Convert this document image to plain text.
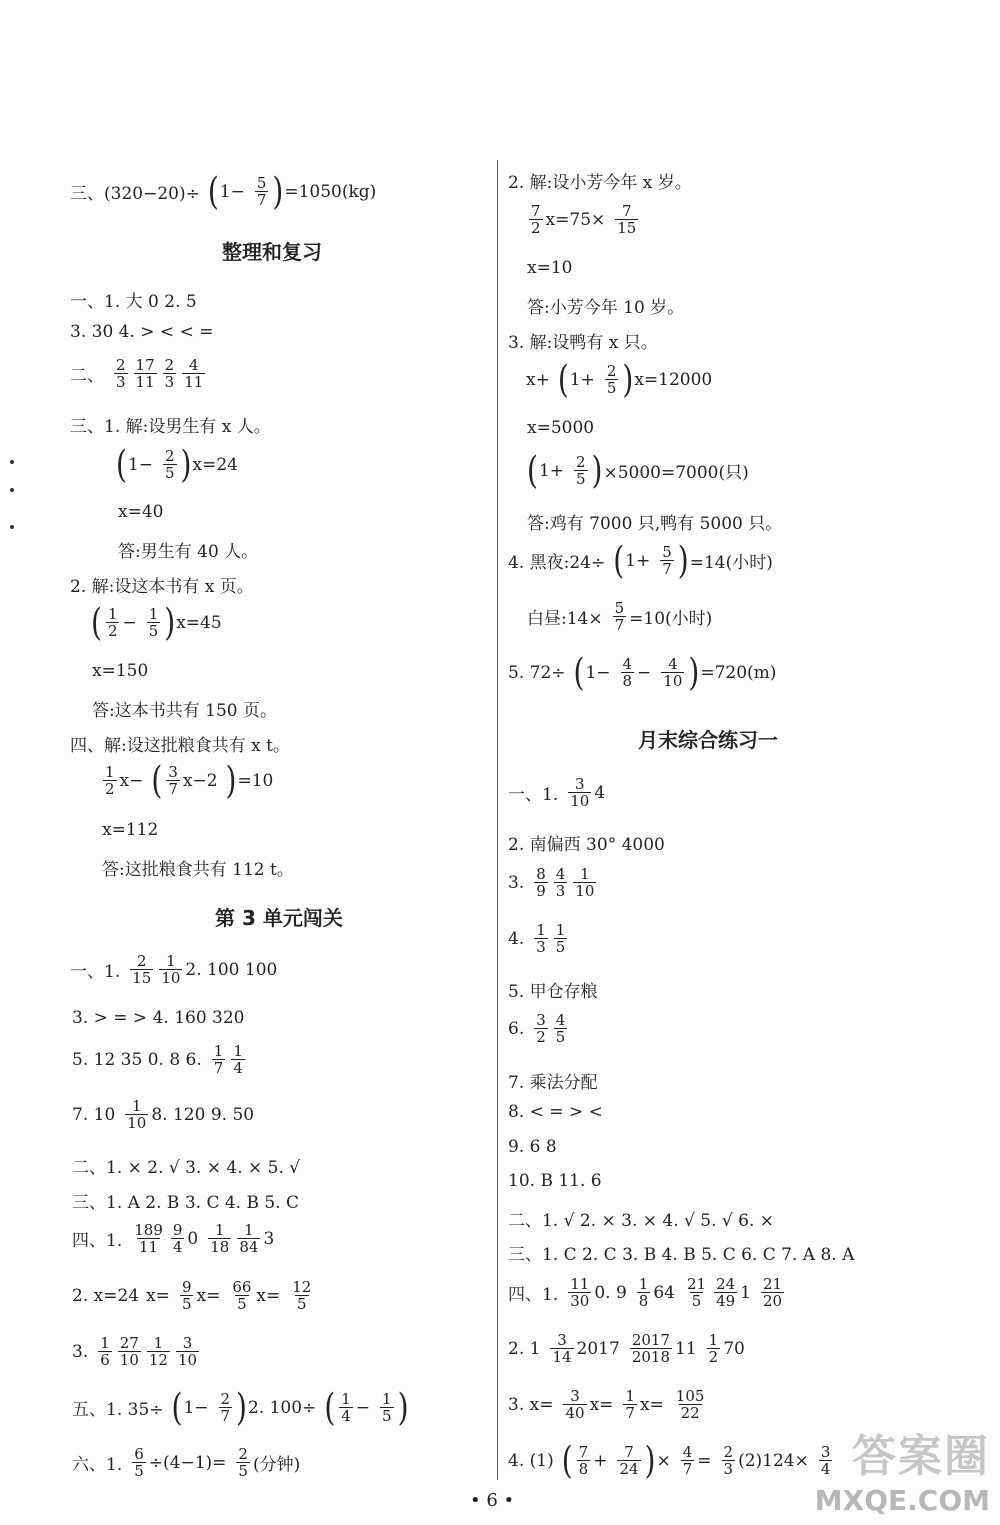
三、(320−20)÷ ( $1- \frac{5}{7}$ ) =1050(kg)
整理和复习
一、1. 大 0 2. 5
3. 30 4. > < < =
二、 $\frac{2}{3} \frac{17}{11} \frac{2}{3} \frac{4}{11}$
三、1. 解:设男生有 x 人。
( $1- \frac{2}{5}$ ) x=24
x=40
答:男生有 40 人。
2. 解:设这本书有 x 页。
( $\frac{1}{2} - \frac{1}{5}$ ) x=45
x=150
答:这本书共有 150 页。
四、解:设这批粮食共有 x t。
$\frac{1}{2} x-$ ( $\frac{3}{7} x-2$ ) =10
x=112
答:这批粮食共有 112 t。
第 3 单元闯关
一、1. $\frac{2}{15} \frac{1}{10} 2$. 100 100
3. > = > 4. 160 320
5. 12 35 0. 8 6. $\frac{1}{7} \frac{1}{4}$
7. $10 \frac{1}{10} 8$. 120 9. 50
二、1. × 2. √ 3. × 4. × 5. √
三、1. A 2. B 3. C 4. B 5. C
四、1. $\frac{189}{11} \frac{9}{4} 0 \frac{1}{18} \frac{1}{84} 3$
2. x=24 $x= \frac{9}{5} x= \frac{66}{5} x= \frac{12}{5}$
3. $\frac{1}{6} \frac{27}{10} \frac{1}{12} \frac{3}{10}$
五、1. 35÷ ( $1- \frac{2}{7}$ ) 2. 100÷ ( $\frac{1}{4} - \frac{1}{5}$ )
六、1. $\frac{6}{5} \div(4-1)= \frac{2}{5}$ (分钟)
2. 解:设小芳今年 x 岁。
$\frac{7}{2} x=75\times \frac{7}{15}$
x=10
答:小芳今年 10 岁。
3. 解:设鸭有 x 只。
x+ ( $1+ \frac{2}{5}$ ) x=12000
x=5000
( $1+ \frac{2}{5}$ ) ×5000=7000(只)
答:鸡有 7000 只,鸭有 5000 只。
4. 黑夜:24÷ ( $1+ \frac{5}{7}$ ) =14(小时)
白昼:14× $\frac{5}{7} =10$(小时)
5. 72÷ ( $1- \frac{4}{8} - \frac{4}{10}$ ) =720(m)
月末综合练习一
一、1. $\frac{3}{10} 4$
2. 南偏西 30° 4000
3. $\frac{8}{9} \frac{4}{3} \frac{1}{10}$
4. $\frac{1}{3} \frac{1}{5}$
5. 甲仓存粮
6. $\frac{3}{2} \frac{4}{5}$
7. 乘法分配
8. < = > <
9. 6 8
10. B 11. 6
二、1. √ 2. × 3. × 4. √ 5. √ 6. ×
三、1. C 2. C 3. B 4. B 5. C 6. C 7. A 8. A
四、1. $\frac{11}{30} 0$. $9 \frac{1}{8} 64 \frac{21}{5} \frac{24}{49} 1 \frac{21}{20}$
2. $1 \frac{3}{14} 2017 \frac{2017}{2018} 11 \frac{1}{2} 70$
3. $x= \frac{3}{40} x= \frac{1}{7} x= \frac{105}{22}$
4. (1) ( $\frac{7}{8} + \frac{7}{24}$ ) × $\frac{4}{7} = \frac{2}{3} (2)124\times \frac{3}{4}$
• 6 •
答案圈
MXQE.COM
